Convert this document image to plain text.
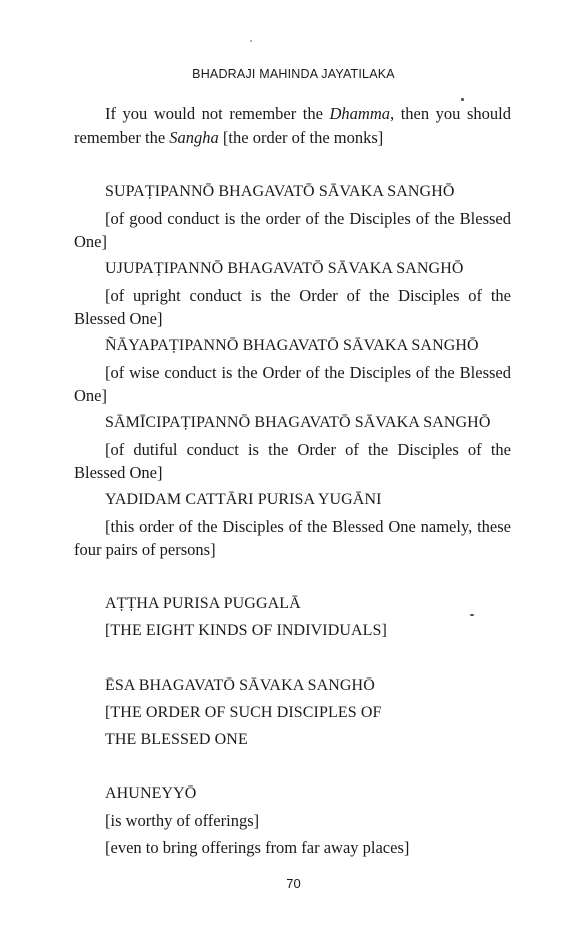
BHADRAJI MAHINDA JAYATILAKA
If you would not remember the Dhamma, then you should
remember the Sangha [the order of the monks]
SUPAṬIPANNŌ BHAGAVATŌ SĀVAKA SANGHŌ
[of good conduct is the order of the Disciples of the Blessed
One]
UJUPAṬIPANNŌ BHAGAVATŌ SĀVAKA SANGHŌ
[of upright conduct is the Order of the Disciples of the
Blessed One]
ÑĀYAPAṬIPANNŌ BHAGAVATŌ SĀVAKA SANGHŌ
[of wise conduct is the Order of the Disciples of the Blessed
One]
SĀMĪCIPAṬIPANNŌ BHAGAVATŌ SĀVAKA SANGHŌ
[of dutiful conduct is the Order of the Disciples of the
Blessed One]
YADIDAM CATTĀRI PURISA YUGĀNI
[this order of the Disciples of the Blessed One namely, these
four pairs of persons]
AṬṬHA PURISA PUGGALĀ
[THE EIGHT KINDS OF INDIVIDUALS]
ĒSA BHAGAVATŌ SĀVAKA SANGHŌ
[THE ORDER OF SUCH DISCIPLES OF
THE BLESSED ONE
AHUNEYYŌ
[is worthy of offerings]
[even to bring offerings from far away places]
70
